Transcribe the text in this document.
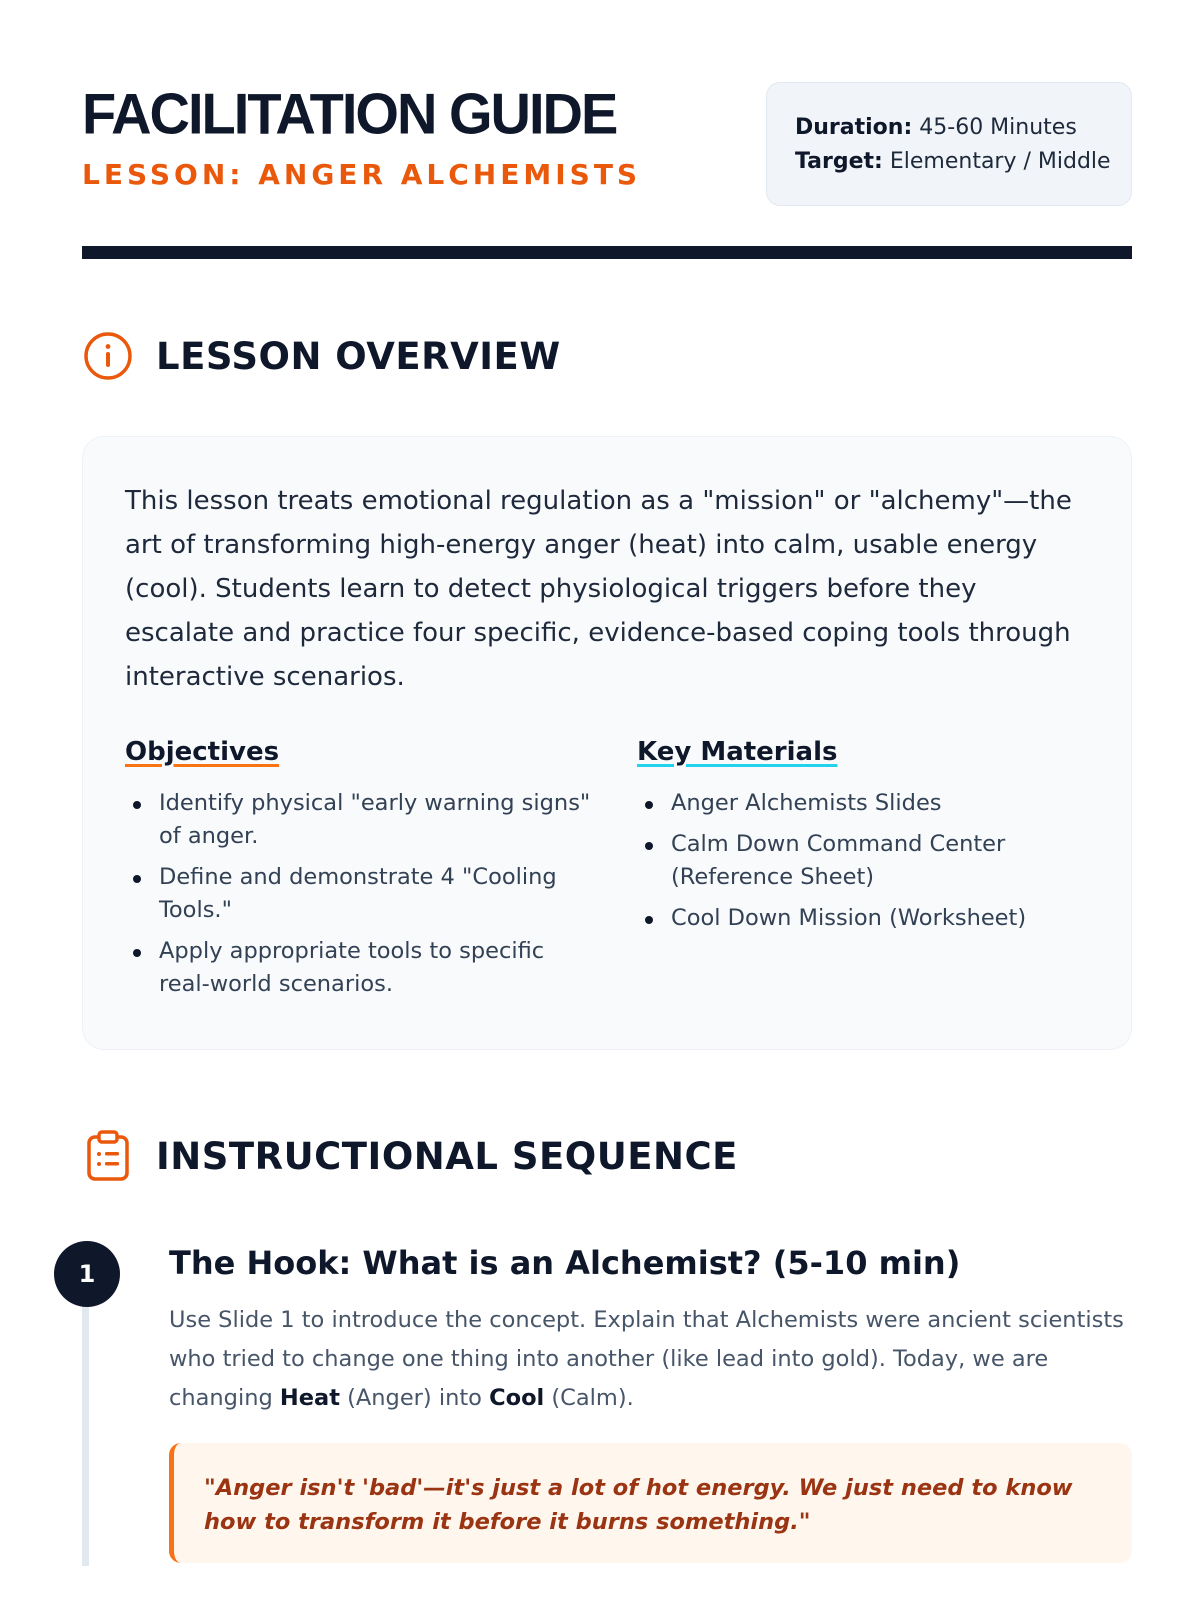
FACILITATION GUIDE
LESSON: ANGER ALCHEMISTS
Duration: 45-60 Minutes
Target: Elementary / Middle
LESSON OVERVIEW

This lesson treats emotional regulation as a "mission" or "alchemy"—the art of transforming high-energy anger (heat) into calm, usable energy (cool). Students learn to detect physiological triggers before they escalate and practice four specific, evidence-based coping tools through interactive scenarios.

Objectives
Identify physical "early warning signs" of anger.
Define and demonstrate 4 "Cooling Tools."
Apply appropriate tools to specific real-world scenarios.
Key Materials
Anger Alchemists Slides
Calm Down Command Center (Reference Sheet)
Cool Down Mission (Worksheet)
INSTRUCTIONAL SEQUENCE
1	The Hook: What is an Alchemist? (5-10 min)

Use Slide 1 to introduce the concept. Explain that Alchemists were ancient scientists who tried to change one thing into another (like lead into gold). Today, we are changing Heat (Anger) into Cool (Calm).

"Anger isn't 'bad'—it's just a lot of hot energy. We just need to know how to transform it before it burns something."
